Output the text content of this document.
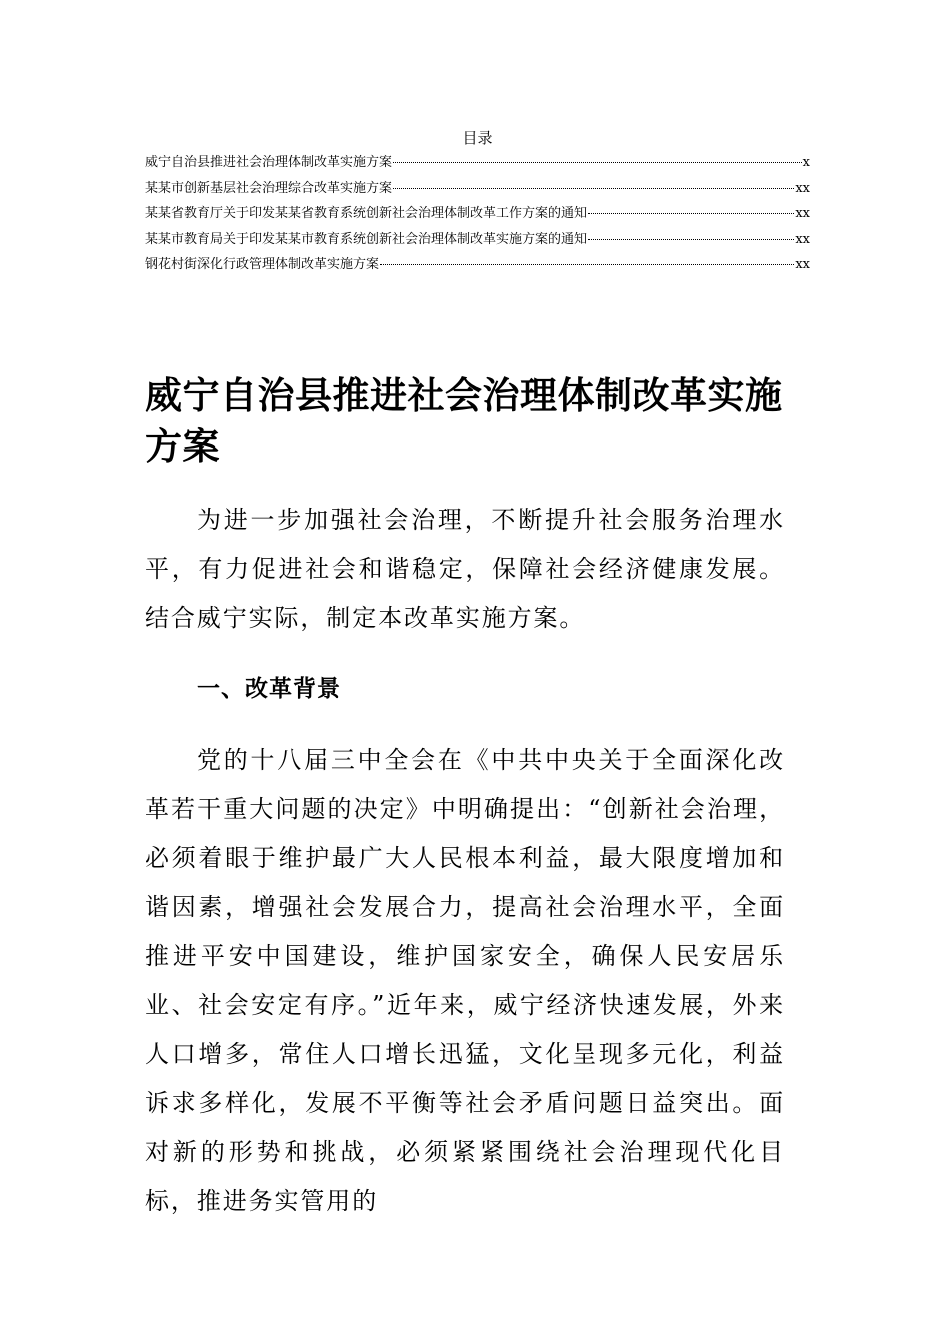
目录
威宁自治县推进社会治理体制改革实施方案	x
某某市创新基层社会治理综合改革实施方案	xx
某某省教育厅关于印发某某省教育系统创新社会治理体制改革工作方案的通知	xx
某某市教育局关于印发某某市教育系统创新社会治理体制改革实施方案的通知	xx
钢花村街深化行政管理体制改革实施方案	xx
威宁自治县推进社会治理体制改革实施方案

为进一步加强社会治理，不断提升社会服务治理水平，有力促进社会和谐稳定，保障社会经济健康发展。结合威宁实际，制定本改革实施方案。

一、改革背景

党的十八届三中全会在《中共中央关于全面深化改革若干重大问题的决定》中明确提出：“创新社会治理，必须着眼于维护最广大人民根本利益，最大限度增加和谐因素，增强社会发展合力，提高社会治理水平，全面推进平安中国建设，维护国家安全，确保人民安居乐业、社会安定有序。”近年来，威宁经济快速发展，外来人口增多，常住人口增长迅猛，文化呈现多元化，利益诉求多样化，发展不平衡等社会矛盾问题日益突出。面对新的形势和挑战，必须紧紧围绕社会治理现代化目标，推进务实管用的
